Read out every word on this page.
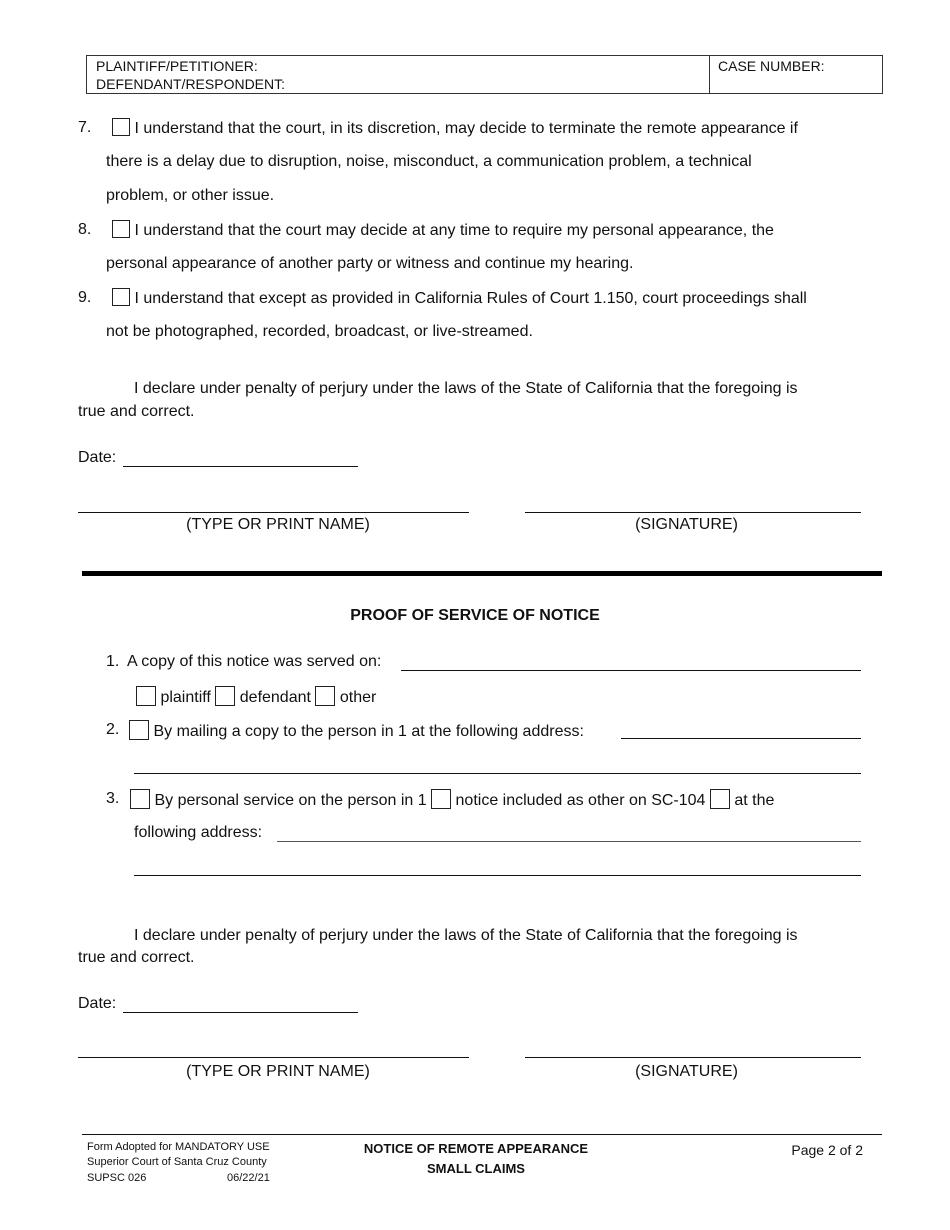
PLAINTIFF/PETITIONER:
DEFENDANT/RESPONDENT:
CASE NUMBER:
7.	I understand that the court, in its discretion, may decide to terminate the remote appearance if
there is a delay due to disruption, noise, misconduct, a communication problem, a technical
problem, or other issue.
8.	I understand that the court may decide at any time to require my personal appearance, the
personal appearance of another party or witness and continue my hearing.
9.	I understand that except as provided in California Rules of Court 1.150, court proceedings shall
not be photographed, recorded, broadcast, or live-streamed.
I declare under penalty of perjury under the laws of the State of California that the foregoing is
true and correct.
Date:
(TYPE OR PRINT NAME)	(SIGNATURE)
PROOF OF SERVICE OF NOTICE
1. A copy of this notice was served on:
plaintiff defendant other
2.	By mailing a copy to the person in 1 at the following address:
3.	By personal service on the person in 1 notice included as other on SC-104 at the
following address:
I declare under penalty of perjury under the laws of the State of California that the foregoing is
true and correct.
Date:
(TYPE OR PRINT NAME)	(SIGNATURE)
Form Adopted for MANDATORY USE
Superior Court of Santa Cruz County
SUPSC 026	06/22/21
NOTICE OF REMOTE APPEARANCE
SMALL CLAIMS
Page 2 of 2
